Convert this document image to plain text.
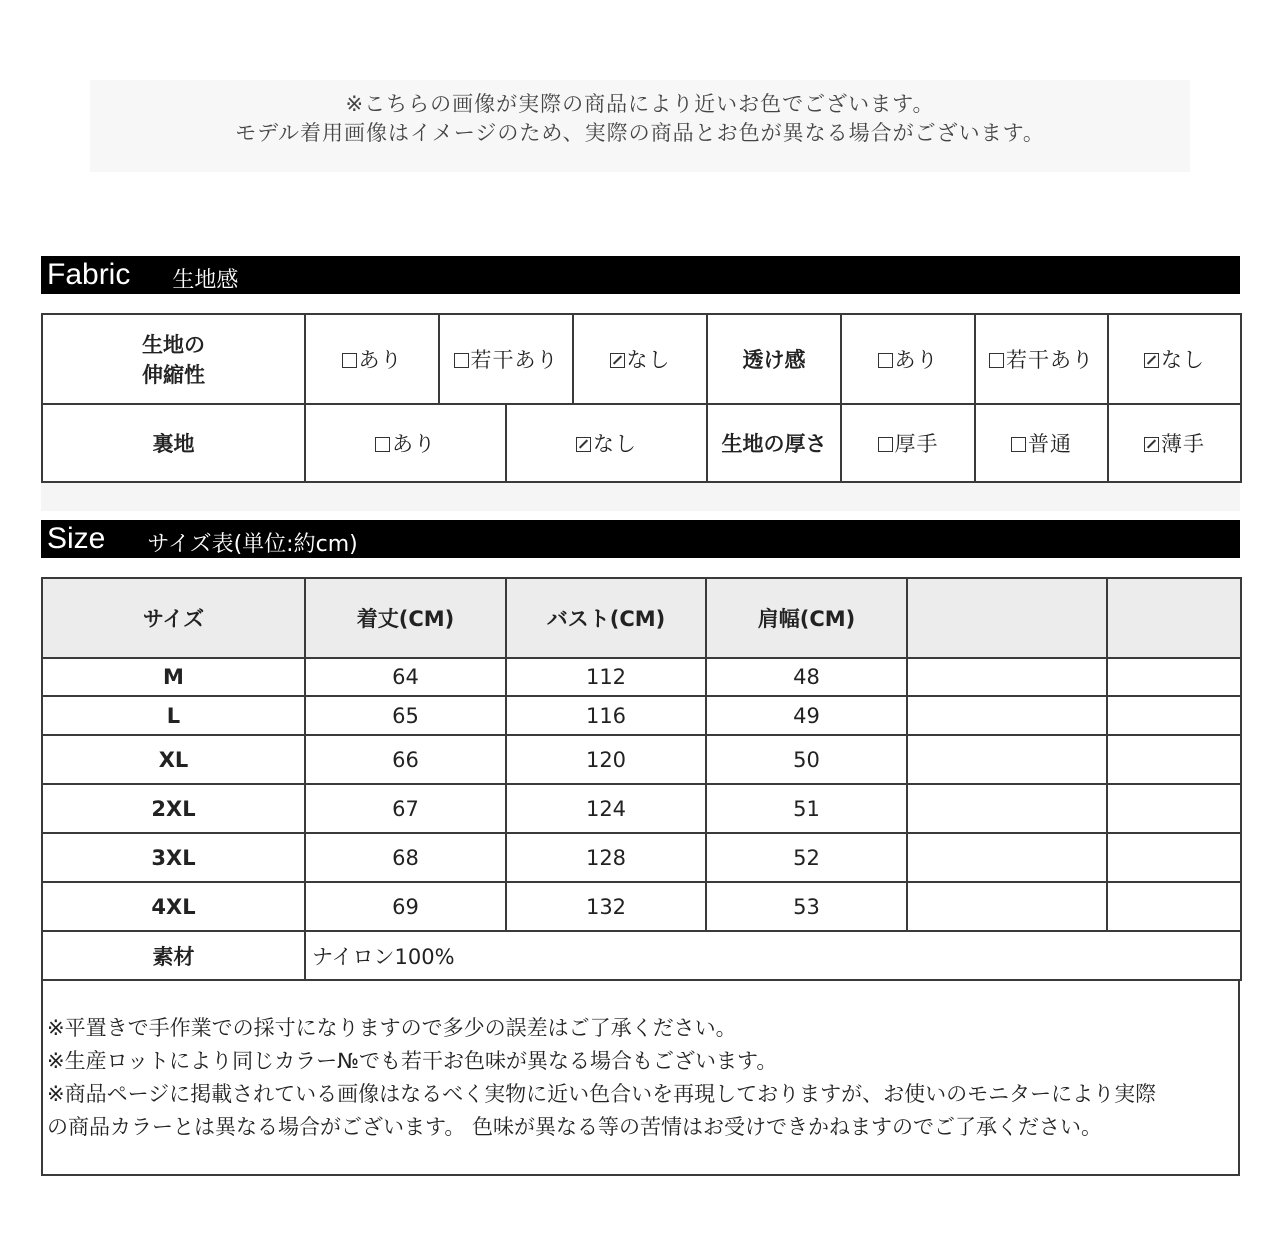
※こちらの画像が実際の商品により近いお色でございます。
モデル着用画像はイメージのため、実際の商品とお色が異なる場合がございます。
Fabric 生地感
生地の
伸縮性	あり	若干あり		なし	透け感	あり	若干あり	なし
裏地	あり		なし		生地の厚さ	厚手	普通	薄手
Size サイズ表(単位:約cm)
サイズ	着丈(CM)	バスト(CM)	肩幅(CM)		
M	64	112	48		
L	65	116	49		
XL	66	120	50		
2XL	67	124	51		
3XL	68	128	52		
4XL	69	132	53		
素材	ナイロン100%				
※平置きで手作業での採寸になりますので多少の誤差はご了承ください。
※生産ロットにより同じカラー№でも若干お色味が異なる場合もございます。
※商品ページに掲載されている画像はなるべく実物に近い色合いを再現しておりますが、お使いのモニターにより実際
の商品カラーとは異なる場合がございます。 色味が異なる等の苦情はお受けできかねますのでご了承ください。
